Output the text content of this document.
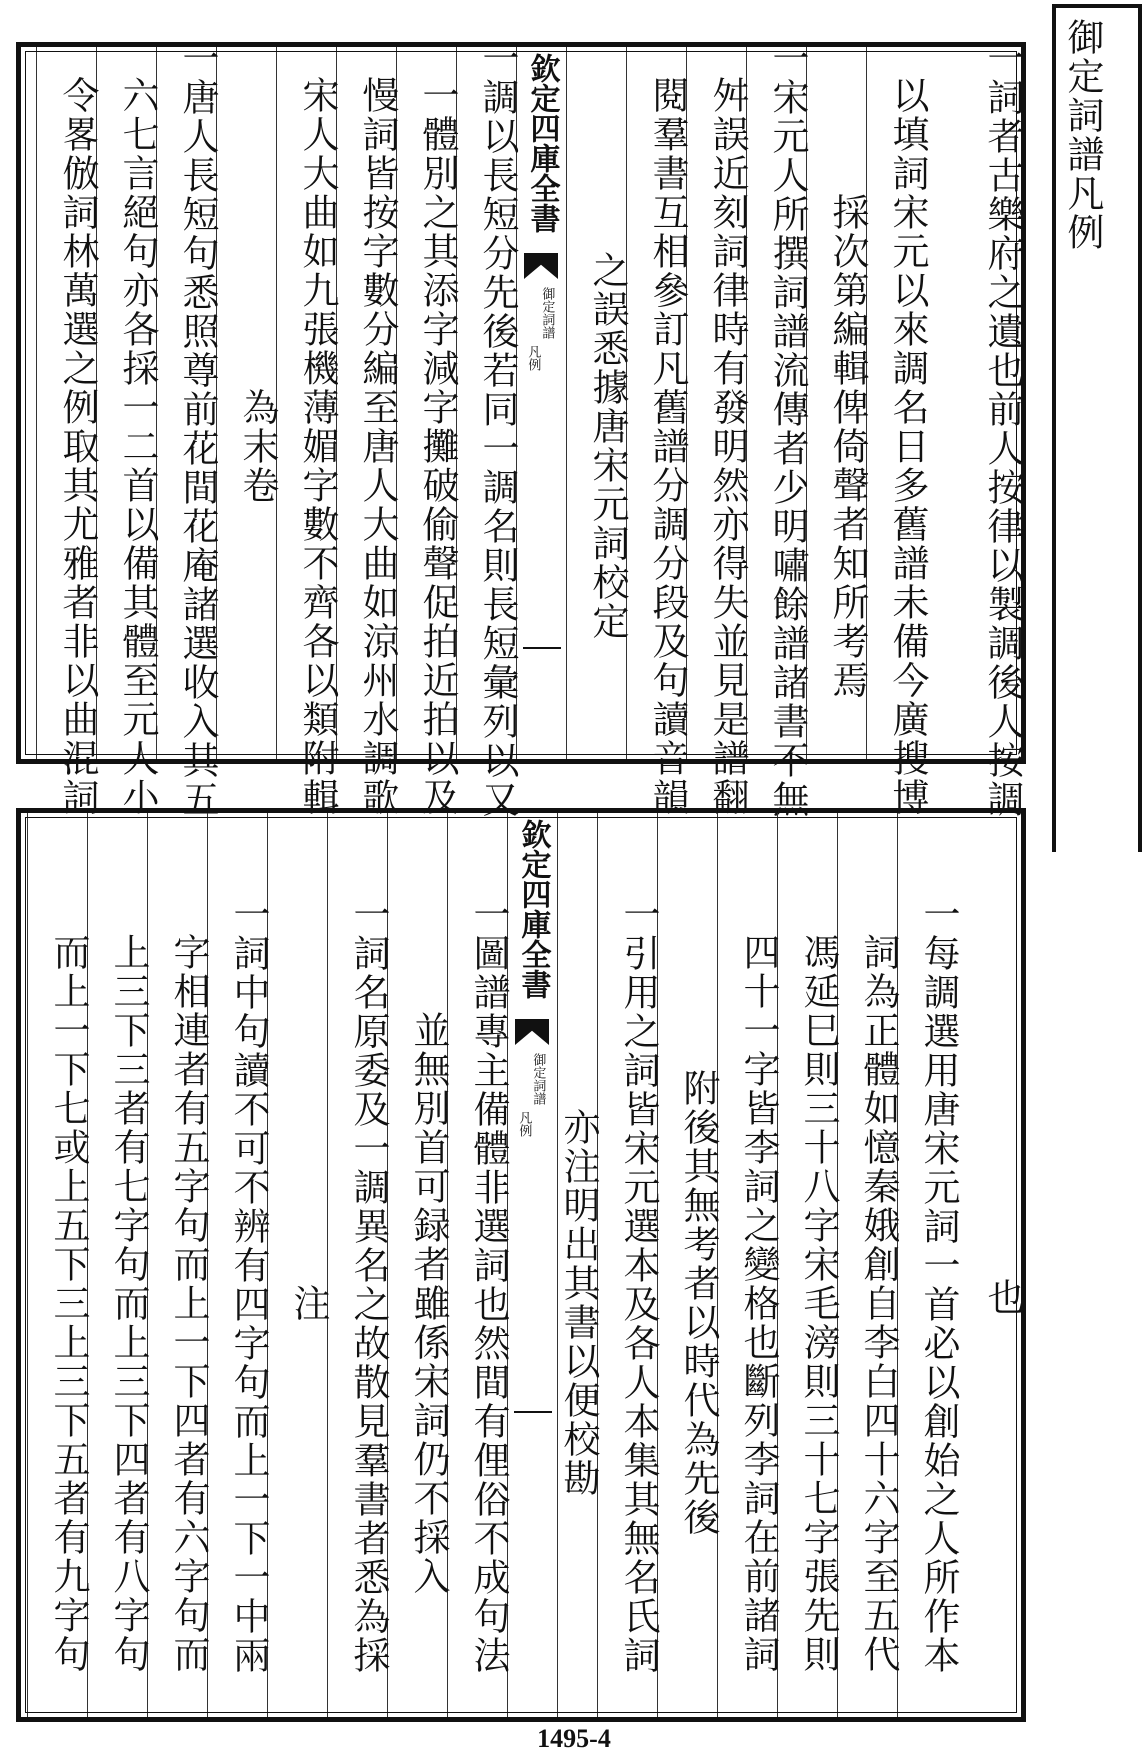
一詞者古樂府之遺也前人按律以製調後人按調
以填詞宋元以來調名日多舊譜未備今廣搜博
採次第編輯俾倚聲者知所考焉
一宋元人所撰詞譜流傳者少明嘯餘譜諸書不無
舛誤近刻詞律時有發明然亦得失並見是譜翻
閱羣書互相參訂凡舊譜分調分段及句讀音韻
之誤悉據唐宋元詞校定
欽定四庫全書
御定詞譜
凡例
一調以長短分先後若同一調名則長短彙列以又
一體別之其添字減字攤破偷聲促拍近拍以及
慢詞皆按字數分編至唐人大曲如涼州水調歌
宋人大曲如九張機薄媚字數不齊各以類附輯
為末卷
一唐人長短句悉照尊前花間花庵諸選收入其五
六七言絕句亦各採一二首以備其體至元人小
令畧倣詞林萬選之例取其尤雅者非以曲混詞	御定詞譜凡例
也
一每調選用唐宋元詞一首必以創始之人所作本
詞為正體如憶秦娥創自李白四十六字至五代
馮延巳則三十八字宋毛滂則三十七字張先則
四十一字皆李詞之變格也斷列李詞在前諸詞
附後其無考者以時代為先後
一引用之詞皆宋元選本及各人本集其無名氏詞
亦注明出其書以便校勘
欽定四庫全書
御定詞譜
凡例
一圖譜專主備體非選詞也然間有俚俗不成句法
並無別首可録者雖係宋詞仍不採入
一詞名原委及一調異名之故散見羣書者悉為採
注
一詞中句讀不可不辨有四字句而上一下一中兩
字相連者有五字句而上一下四者有六字句而
上三下三者有七字句而上三下四者有八字句
而上一下七或上五下三上三下五者有九字句
1495-4
